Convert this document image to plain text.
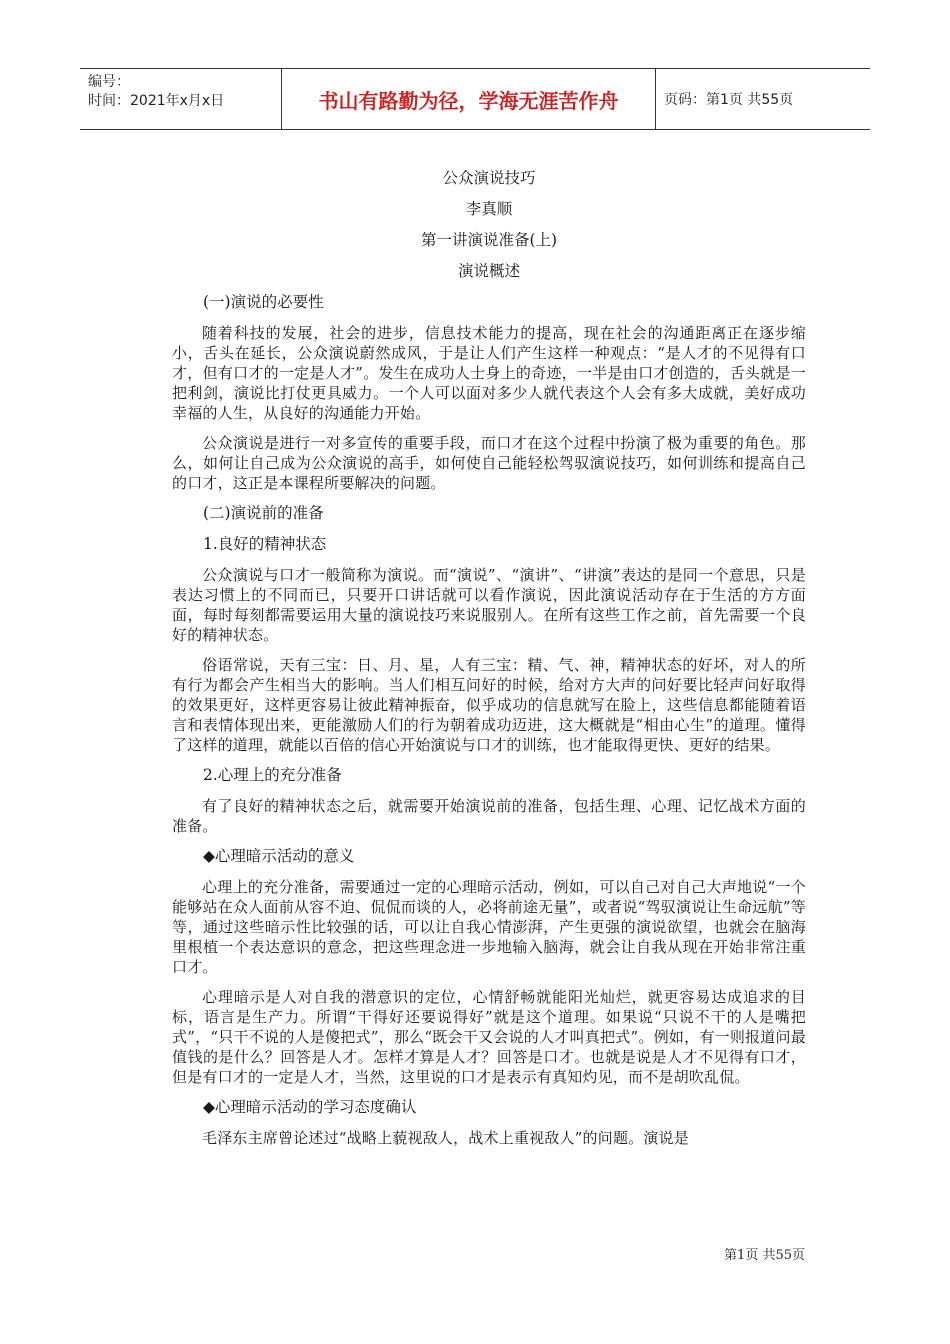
编号：
时间：2021年x月x日	书山有路勤为径，学海无涯苦作舟	页码：第1页 共55页

公众演说技巧

李真顺

第一讲演说准备(上)

演说概述

(一)演说的必要性

随着科技的发展，社会的进步，信息技术能力的提高，现在社会的沟通距离正在逐步缩小，舌头在延长，公众演说蔚然成风，于是让人们产生这样一种观点：“是人才的不见得有口才，但有口才的一定是人才”。发生在成功人士身上的奇迹，一半是由口才创造的，舌头就是一把利剑，演说比打仗更具威力。一个人可以面对多少人就代表这个人会有多大成就，美好成功幸福的人生，从良好的沟通能力开始。

公众演说是进行一对多宣传的重要手段，而口才在这个过程中扮演了极为重要的角色。那么，如何让自己成为公众演说的高手，如何使自己能轻松驾驭演说技巧，如何训练和提高自己的口才，这正是本课程所要解决的问题。

(二)演说前的准备

1.良好的精神状态

公众演说与口才一般简称为演说。而“演说”、“演讲”、“讲演”表达的是同一个意思，只是表达习惯上的不同而已，只要开口讲话就可以看作演说，因此演说活动存在于生活的方方面面，每时每刻都需要运用大量的演说技巧来说服别人。在所有这些工作之前，首先需要一个良好的精神状态。

俗语常说，天有三宝：日、月、星，人有三宝：精、气、神，精神状态的好坏，对人的所有行为都会产生相当大的影响。当人们相互问好的时候，给对方大声的问好要比轻声问好取得的效果更好，这样更容易让彼此精神振奋，似乎成功的信息就写在脸上，这些信息都能随着语言和表情体现出来，更能激励人们的行为朝着成功迈进，这大概就是“相由心生”的道理。懂得了这样的道理，就能以百倍的信心开始演说与口才的训练，也才能取得更快、更好的结果。

2.心理上的充分准备

有了良好的精神状态之后，就需要开始演说前的准备，包括生理、心理、记忆战术方面的准备。

◆心理暗示活动的意义

心理上的充分准备，需要通过一定的心理暗示活动，例如，可以自己对自己大声地说“一个能够站在众人面前从容不迫、侃侃而谈的人，必将前途无量”，或者说“驾驭演说让生命远航”等等，通过这些暗示性比较强的话，可以让自我心情澎湃，产生更强的演说欲望，也就会在脑海里根植一个表达意识的意念，把这些理念进一步地输入脑海，就会让自我从现在开始非常注重口才。

心理暗示是人对自我的潜意识的定位，心情舒畅就能阳光灿烂，就更容易达成追求的目标，语言是生产力。所谓“干得好还要说得好”就是这个道理。如果说“只说不干的人是嘴把式”，“只干不说的人是傻把式”，那么“既会干又会说的人才叫真把式”。例如，有一则报道问最值钱的是什么？回答是人才。怎样才算是人才？回答是口才。也就是说是人才不见得有口才，但是有口才的一定是人才，当然，这里说的口才是表示有真知灼见，而不是胡吹乱侃。

◆心理暗示活动的学习态度确认

毛泽东主席曾论述过“战略上藐视敌人，战术上重视敌人”的问题。演说是

第1页 共55页
